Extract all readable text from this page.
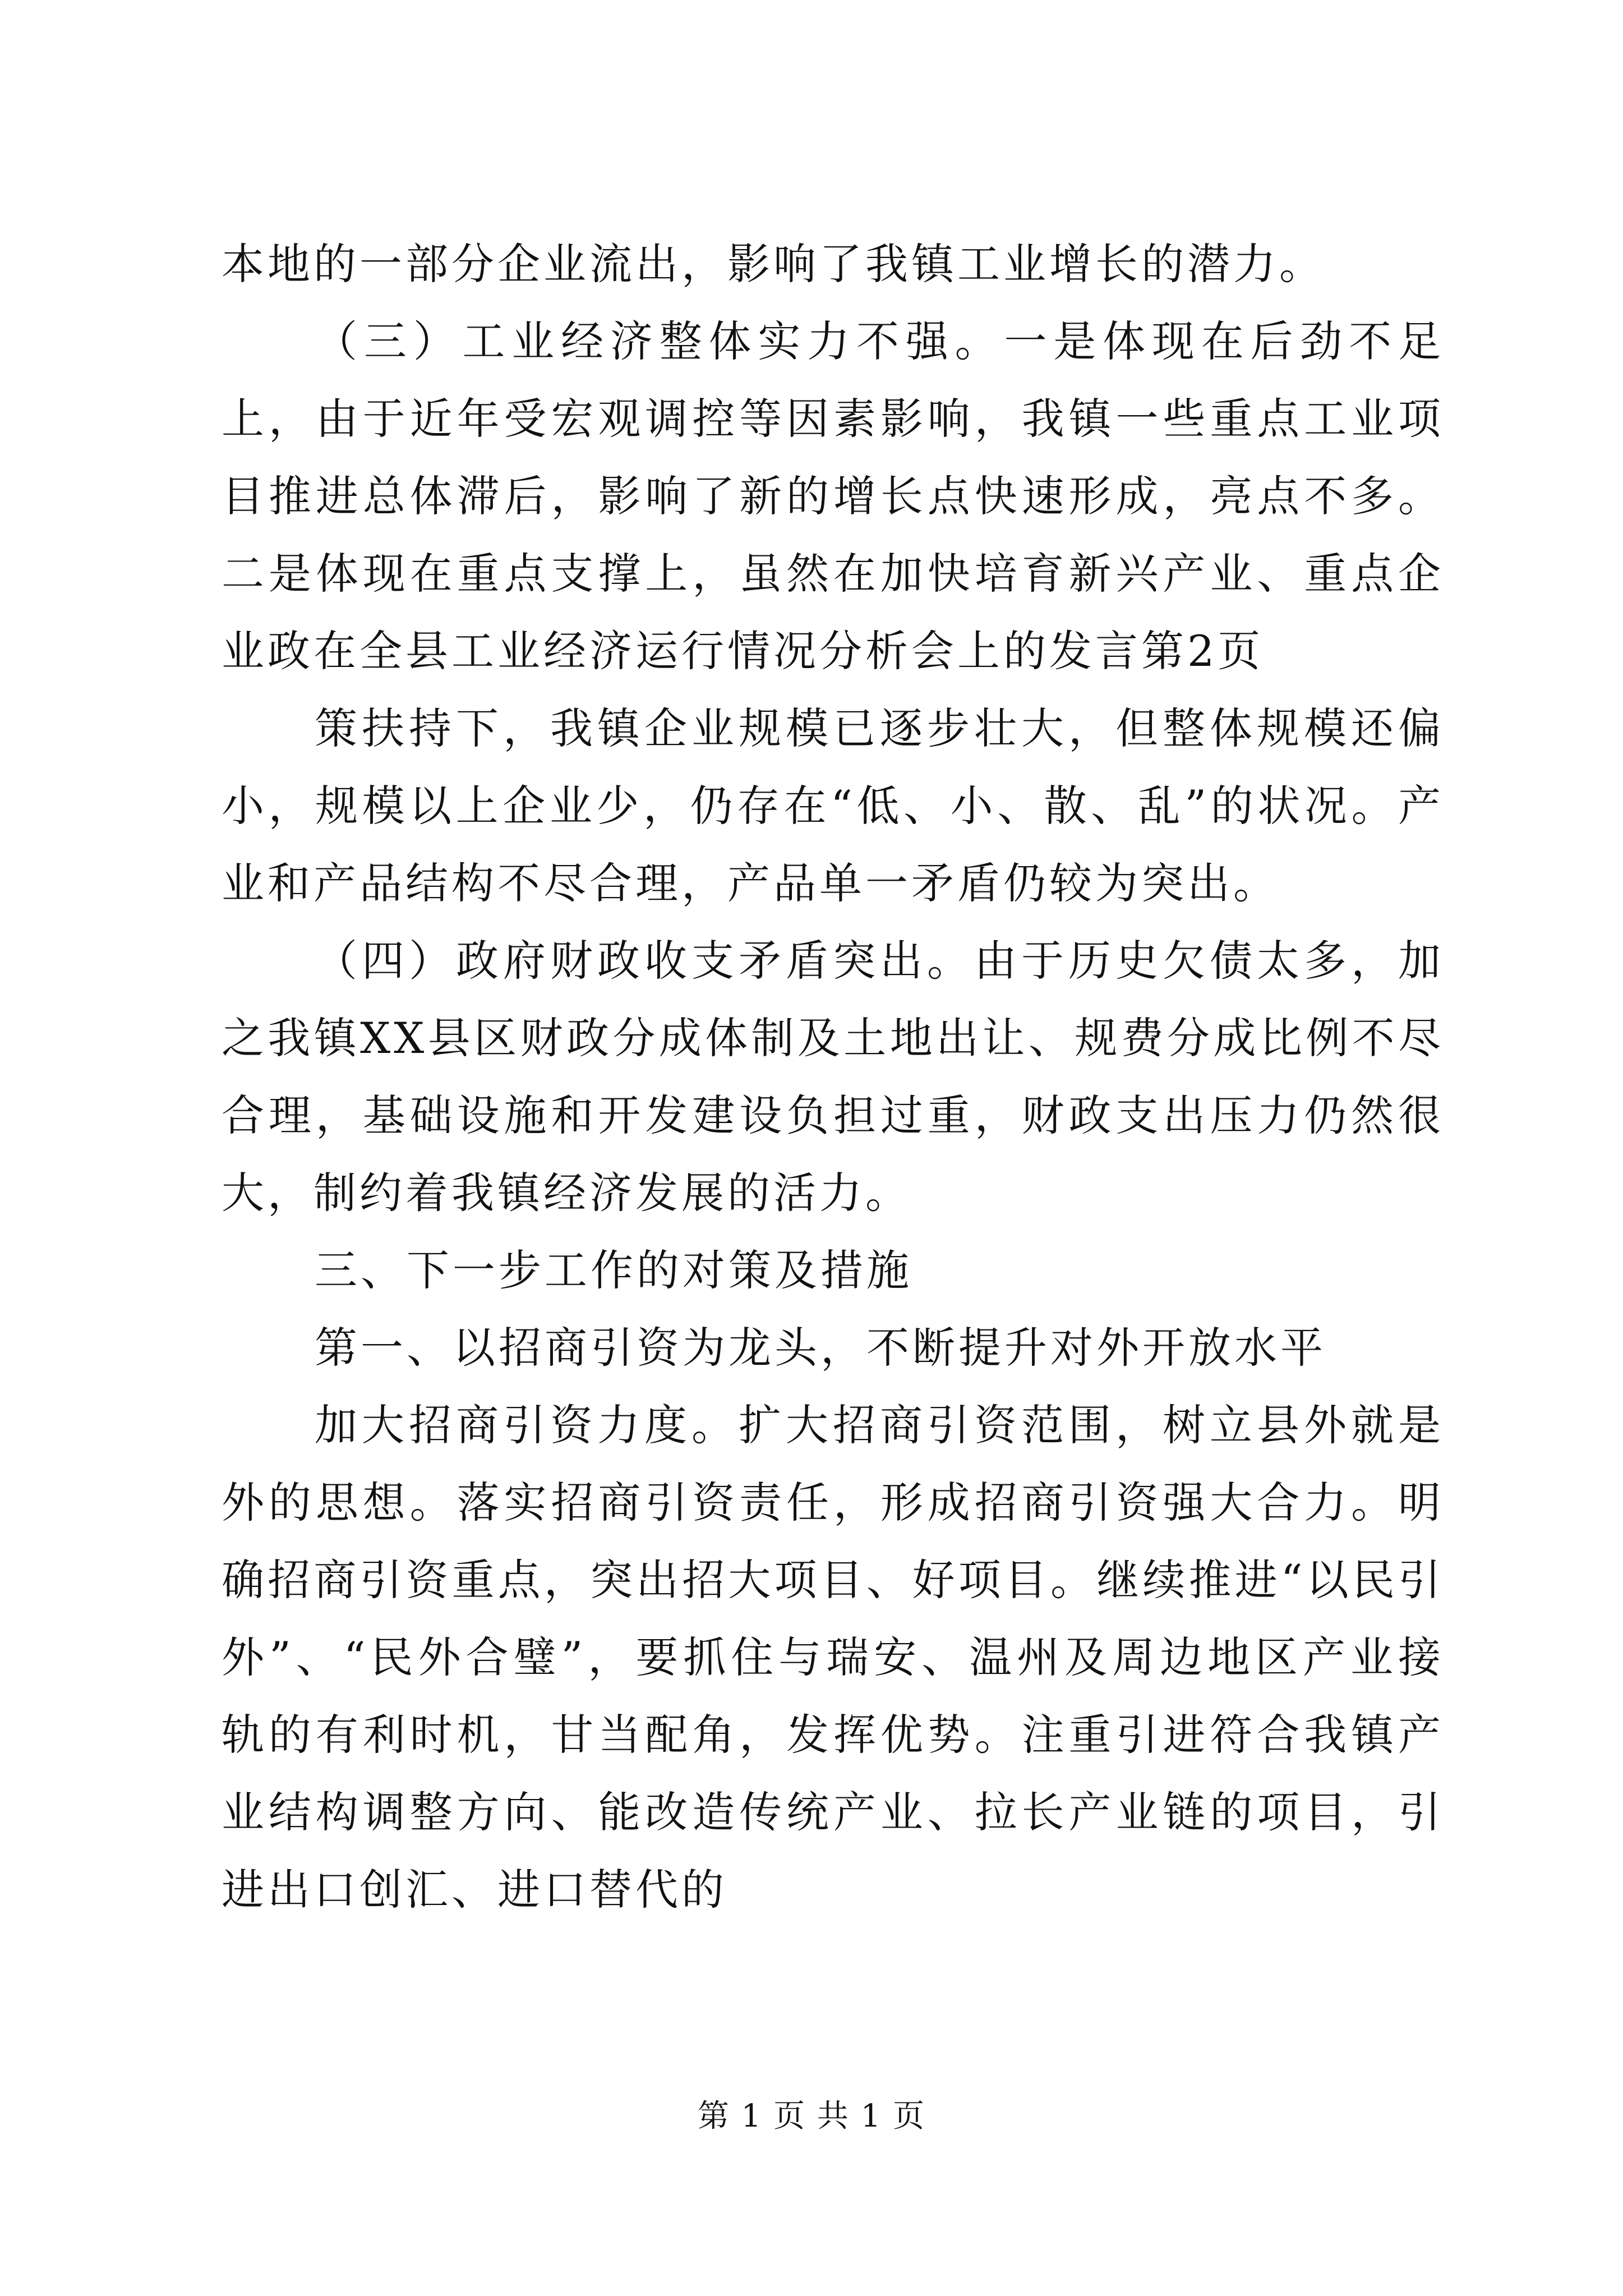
本地的一部分企业流出，影响了我镇工业增长的潜力。

（三）工业经济整体实力不强。一是体现在后劲不足上，由于近年受宏观调控等因素影响，我镇一些重点工业项目推进总体滞后，影响了新的增长点快速形成，亮点不多。二是体现在重点支撑上，虽然在加快培育新兴产业、重点企业政在全县工业经济运行情况分析会上的发言第2页

策扶持下，我镇企业规模已逐步壮大，但整体规模还偏小，规模以上企业少，仍存在“低、小、散、乱”的状况。产业和产品结构不尽合理，产品单一矛盾仍较为突出。

（四）政府财政收支矛盾突出。由于历史欠债太多，加之我镇XX县区财政分成体制及土地出让、规费分成比例不尽合理，基础设施和开发建设负担过重，财政支出压力仍然很大，制约着我镇经济发展的活力。

三、下一步工作的对策及措施

第一、以招商引资为龙头，不断提升对外开放水平

加大招商引资力度。扩大招商引资范围，树立县外就是外的思想。落实招商引资责任，形成招商引资强大合力。明确招商引资重点，突出招大项目、好项目。继续推进“以民引外”、“民外合璧”，要抓住与瑞安、温州及周边地区产业接轨的有利时机，甘当配角，发挥优势。注重引进符合我镇产业结构调整方向、能改造传统产业、拉长产业链的项目，引进出口创汇、进口替代的

第 1 页 共 1 页
